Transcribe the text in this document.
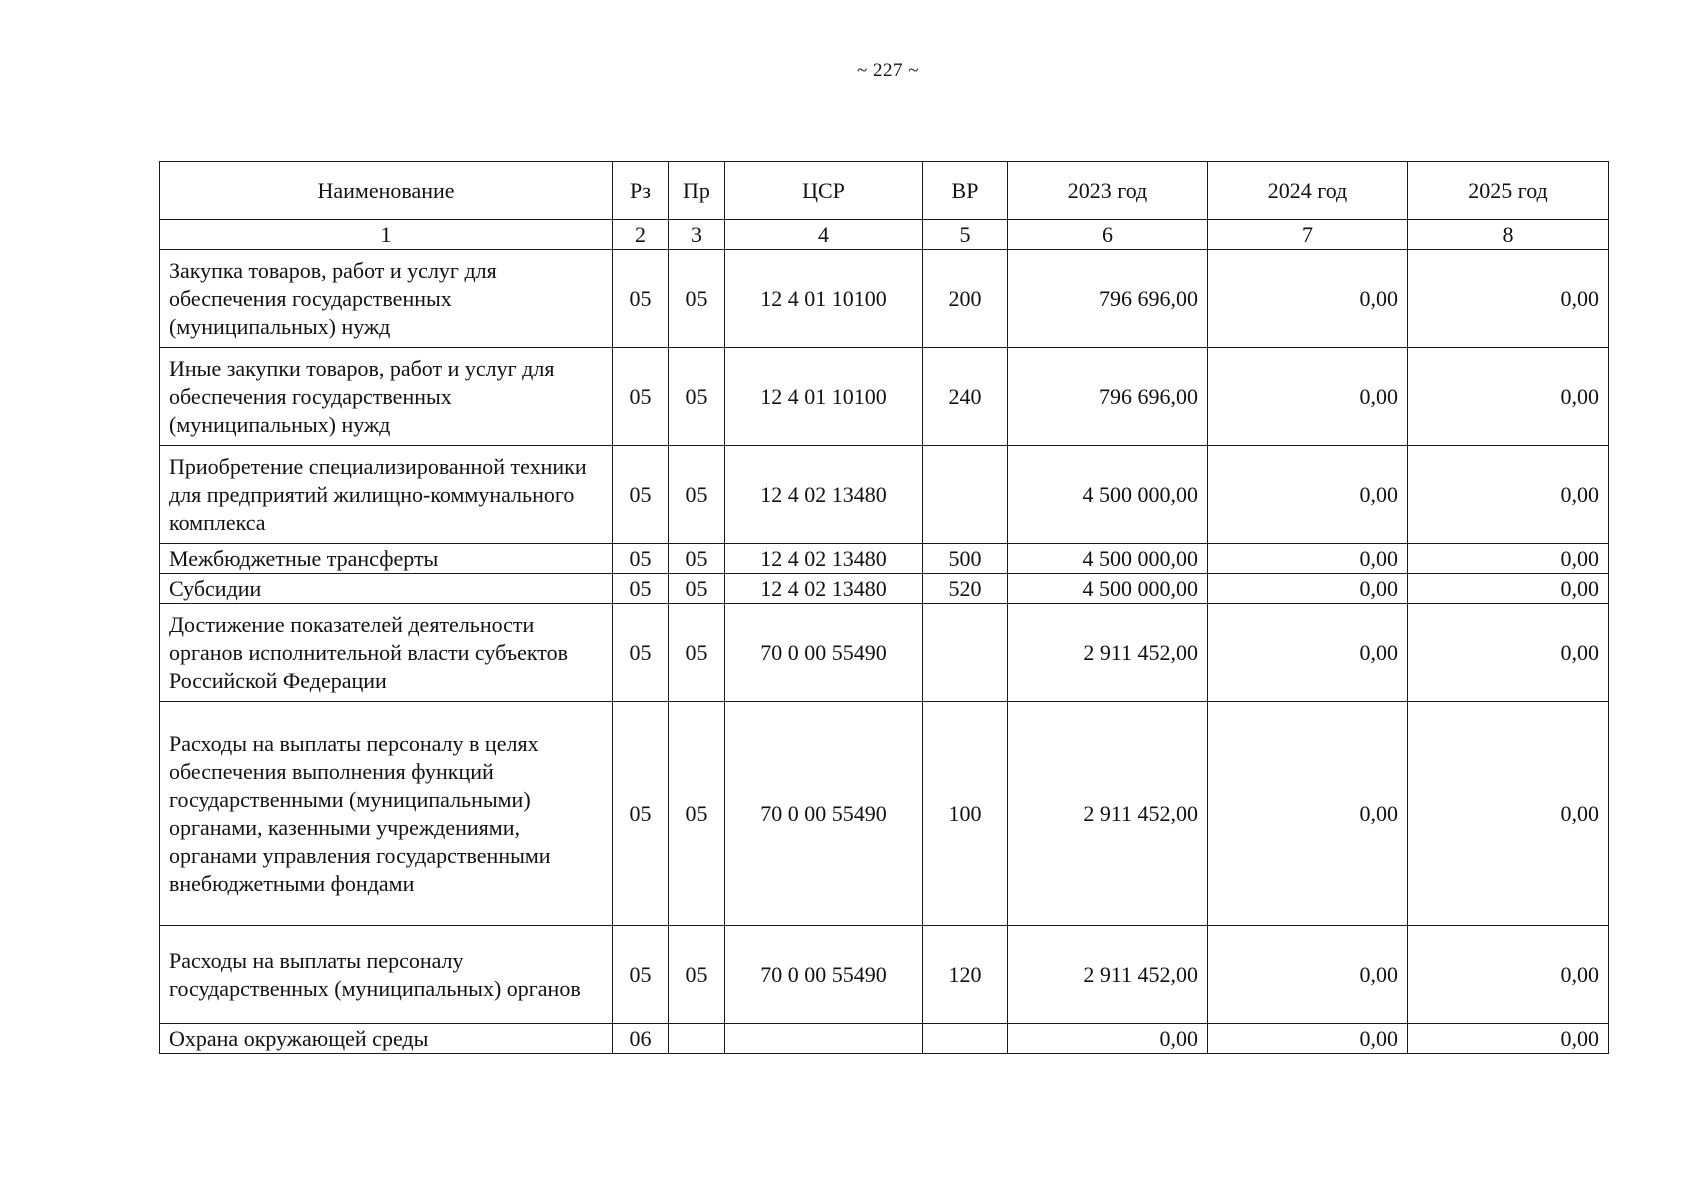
~ 227 ~
Наименование	Рз	Пр	ЦСР	ВР	2023 год	2024 год	2025 год
1	2	3	4	5	6	7	8
Закупка товаров, работ и услуг для обеспечения государственных (муниципальных) нужд	05	05	12 4 01 10100	200	796 696,00	0,00	0,00
Иные закупки товаров, работ и услуг для обеспечения государственных (муниципальных) нужд	05	05	12 4 01 10100	240	796 696,00	0,00	0,00
Приобретение специализированной техники для предприятий жилищно-коммунального комплекса	05	05	12 4 02 13480		4 500 000,00	0,00	0,00
Межбюджетные трансферты	05	05	12 4 02 13480	500	4 500 000,00	0,00	0,00
Субсидии	05	05	12 4 02 13480	520	4 500 000,00	0,00	0,00
Достижение показателей деятельности органов исполнительной власти субъектов Российской Федерации	05	05	70 0 00 55490		2 911 452,00	0,00	0,00
Расходы на выплаты персоналу в целях обеспечения выполнения функций государственными (муниципальными) органами, казенными учреждениями, органами управления государственными внебюджетными фондами	05	05	70 0 00 55490	100	2 911 452,00	0,00	0,00
Расходы на выплаты персоналу государственных (муниципальных) органов	05	05	70 0 00 55490	120	2 911 452,00	0,00	0,00
Охрана окружающей среды	06				0,00	0,00	0,00
